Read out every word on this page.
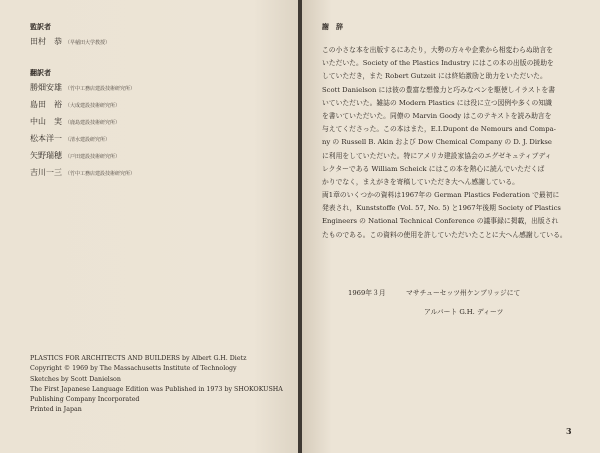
監訳者
田村　恭 （早稲田大学教授）
翻訳者
勝畑安雄 （竹中工務店建設技術研究所）
島田　裕 （大成建設技術研究所）
中山　実 （鹿島建設技術研究所）
松本洋一 （清水建設研究所）
矢野瑞穂 （戸田建設技術研究所）
吉川一三 （竹中工務店建設技術研究所）
PLASTICS FOR ARCHITECTS AND BUILDERS by Albert G.H. Dietz
Copyright © 1969 by The Massachusetts Institute of Technology
Sketches by Scott Danielson
The First Japanese Language Edition was Published in 1973 by SHOKOKUSHA
Publishing Company Incorporated
Printed in Japan
謝　辞
この小さな本を出版するにあたり，大勢の方々や企業から相変わらぬ助言を
いただいた。Society of the Plastics Industry にはこの本の出版の援助を
していただき，また Robert Gutzeit には終始激励と助力をいただいた。
Scott Danielson には彼の豊富な想像力と巧みなペンを駆使しイラストを書
いていただいた。雑誌の Modern Plastics には役に立つ図例や多くの知識
を書いていただいた。同僚の Marvin Goody はこのテキストを読み助言を
与えてくださった。この本はまた，E.I.Dupont de Nemours and Compa-
ny の Russell B. Akin および Dow Chemical Company の D. J. Dirkse
に利用をしていただいた。特にアメリカ建設家協会のエグゼキュティブディ
レクターである William Scheick にはこの本を熱心に読んでいただくば
かりでなく，まえがきを寄稿していただき大へん感謝している。
両1章のいくつかの資料は1967年の German Plastics Federation で最初に
発表され，Kunststoffe (Vol. 57, No. 5) と1967年後期 Society of Plastics
Engineers の National Technical Conference の議事録に掲載，出版され
たものである。この資料の使用を許していただいたことに大へん感謝している。
1969年３月	マサチューセッツ州ケンブリッジにて
アルバート G.H. ディーツ
3
